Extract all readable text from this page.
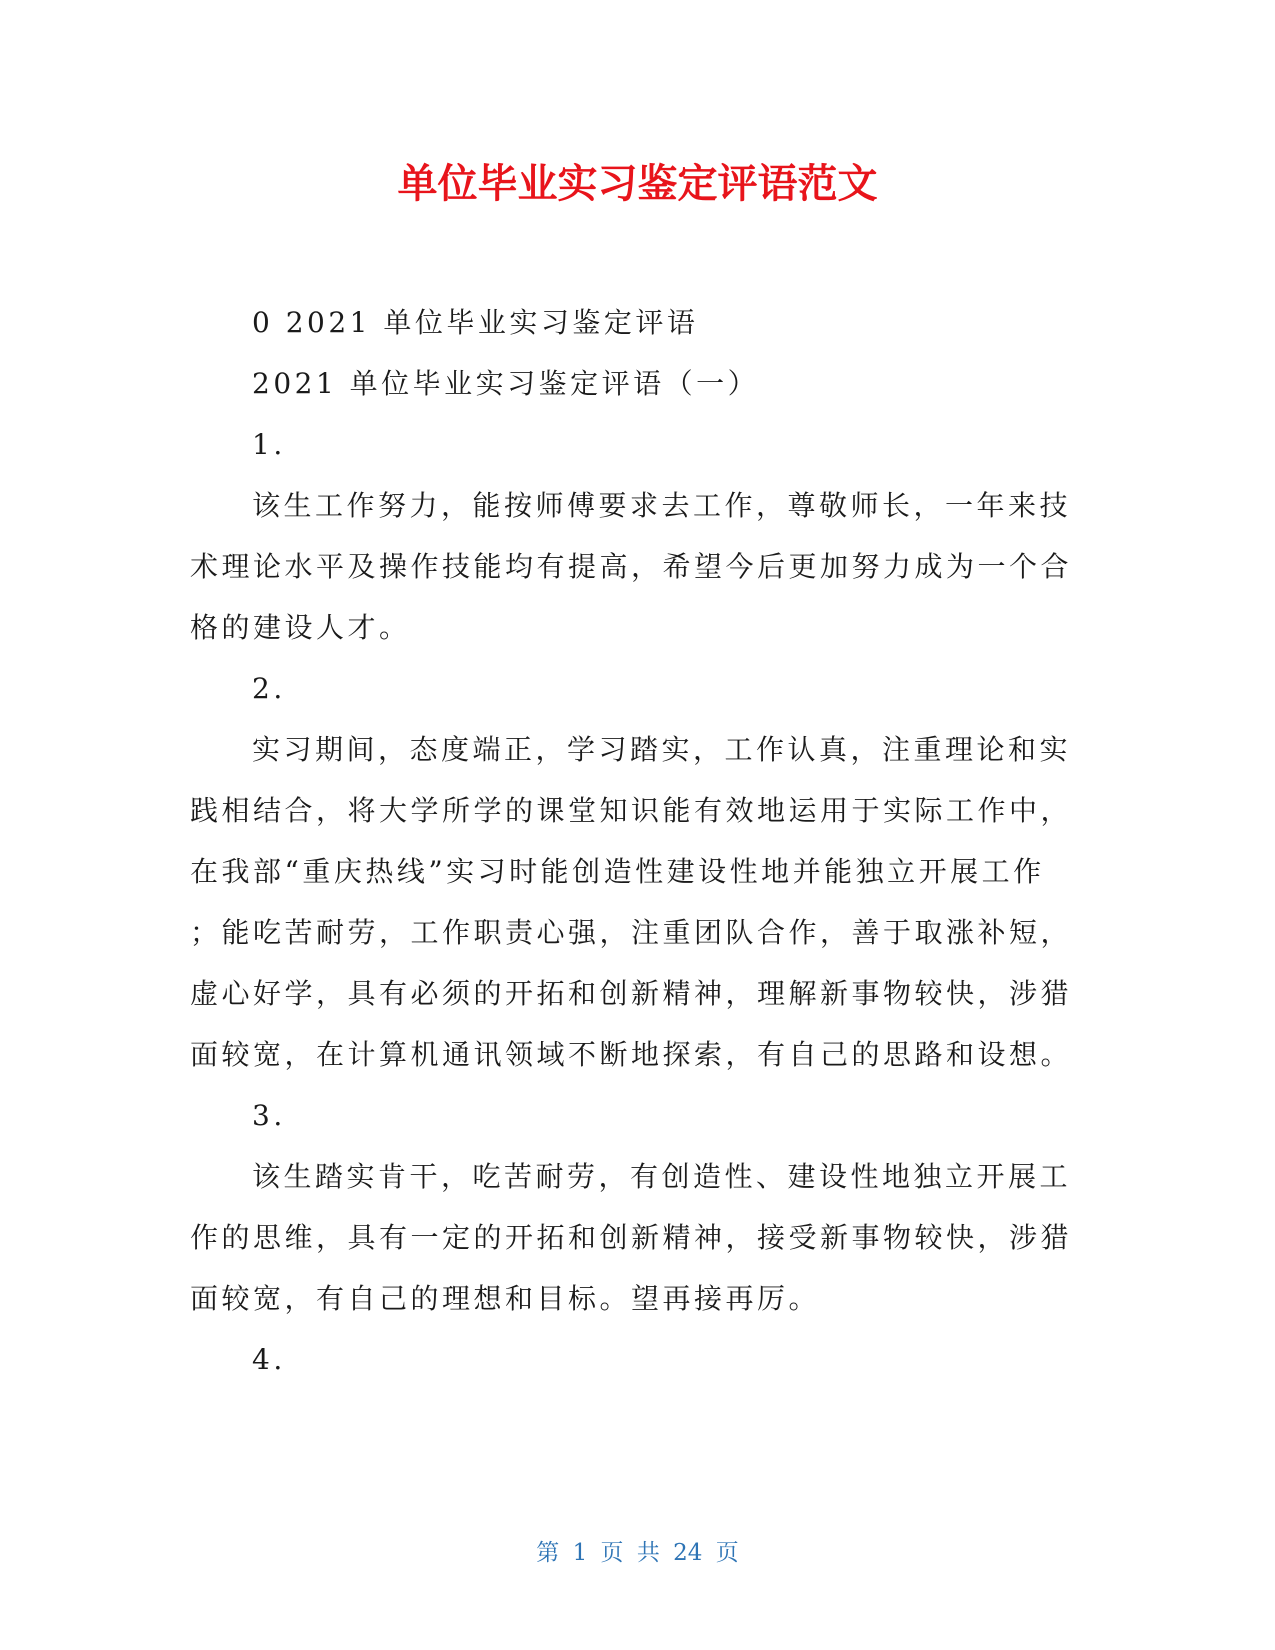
单位毕业实习鉴定评语范文

0 2021 单位毕业实习鉴定评语

2021 单位毕业实习鉴定评语（一）

1.

该生工作努力，能按师傅要求去工作，尊敬师长，一年来技

术理论水平及操作技能均有提高，希望今后更加努力成为一个合

格的建设人才。

2.

实习期间，态度端正，学习踏实，工作认真，注重理论和实

践相结合，将大学所学的课堂知识能有效地运用于实际工作中，

在我部“重庆热线”实习时能创造性建设性地并能独立开展工作

；能吃苦耐劳，工作职责心强，注重团队合作，善于取涨补短，

虚心好学，具有必须的开拓和创新精神，理解新事物较快，涉猎

面较宽，在计算机通讯领域不断地探索，有自己的思路和设想。

3.

该生踏实肯干，吃苦耐劳，有创造性、建设性地独立开展工

作的思维，具有一定的开拓和创新精神，接受新事物较快，涉猎

面较宽，有自己的理想和目标。望再接再厉。

4.

第 1 页 共 24 页
